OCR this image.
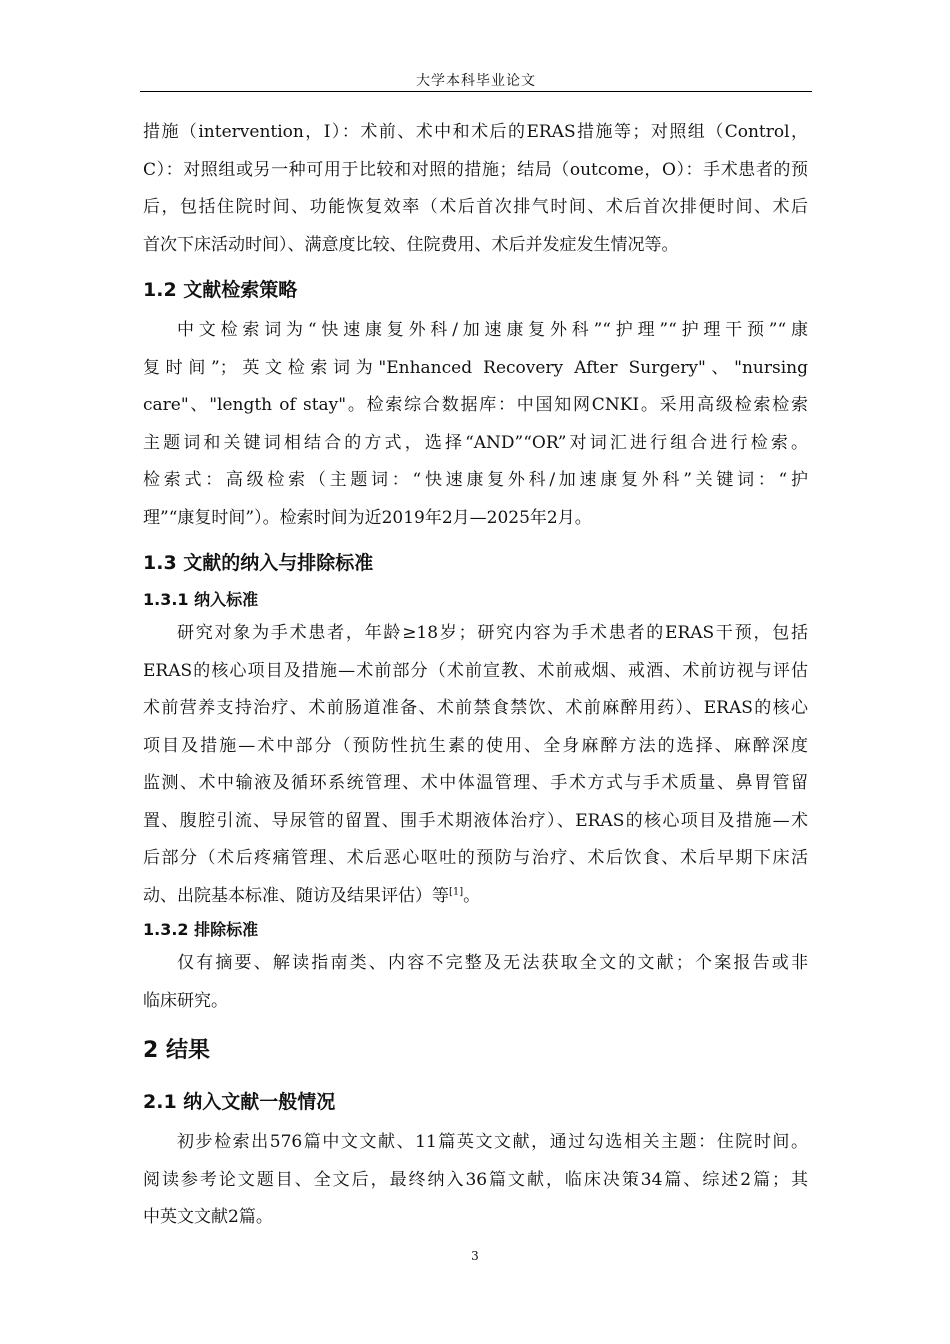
大学本科毕业论文

措施（intervention，I）：术前、术中和术后的ERAS措施等；对照组（Control，

C）：对照组或另一种可用于比较和对照的措施；结局（outcome，O）：手术患者的预

后，包括住院时间、功能恢复效率（术后首次排气时间、术后首次排便时间、术后

首次下床活动时间）、满意度比较、住院费用、术后并发症发生情况等。

1.2 文献检索策略

中文检索词为“快速康复外科/加速康复外科”“护理”“护理干预”“康

复时间”；英文检索词为"Enhanced Recovery After Surgery"、"nursing

care"、"length of stay"。检索综合数据库：中国知网CNKI。采用高级检索检索

主题词和关键词相结合的方式，选择“AND”“OR”对词汇进行组合进行检索。

检索式：高级检索（主题词：“快速康复外科/加速康复外科”关键词：“护

理”“康复时间”）。检索时间为近2019年2月—2025年2月。

1.3 文献的纳入与排除标准
1.3.1 纳入标准

研究对象为手术患者，年龄≥18岁；研究内容为手术患者的ERAS干预，包括

ERAS的核心项目及措施—术前部分（术前宣教、术前戒烟、戒酒、术前访视与评估

术前营养支持治疗、术前肠道准备、术前禁食禁饮、术前麻醉用药）、ERAS的核心

项目及措施—术中部分（预防性抗生素的使用、全身麻醉方法的选择、麻醉深度

监测、术中输液及循环系统管理、术中体温管理、手术方式与手术质量、鼻胃管留

置、腹腔引流、导尿管的留置、围手术期液体治疗）、ERAS的核心项目及措施—术

后部分（术后疼痛管理、术后恶心呕吐的预防与治疗、术后饮食、术后早期下床活

动、出院基本标准、随访及结果评估）等[1]。

1.3.2 排除标准

仅有摘要、解读指南类、内容不完整及无法获取全文的文献；个案报告或非

临床研究。

2 结果
2.1 纳入文献一般情况

初步检索出576篇中文文献、11篇英文文献，通过勾选相关主题：住院时间。

阅读参考论文题目、全文后，最终纳入36篇文献，临床决策34篇、综述2篇；其

中英文文献2篇。

3
